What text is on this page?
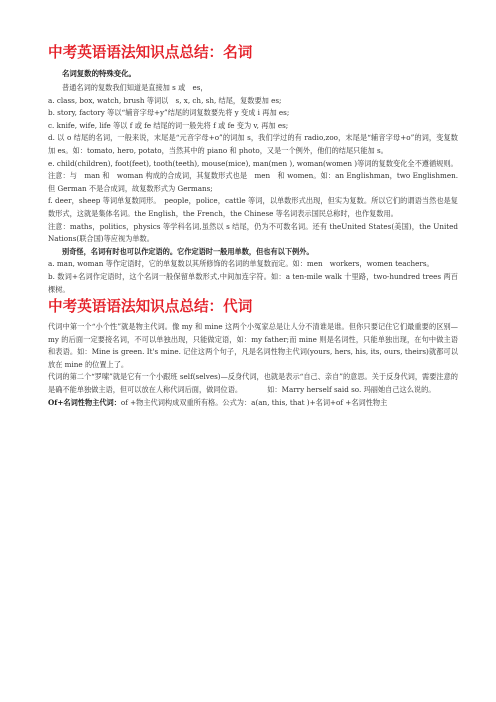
中考英语语法知识点总结：名词
名词复数的特殊变化。

普通名词的复数我们知道是直接加 s 或　es，

a. class, box, watch, brush 等词以　s, x, ch, sh, 结尾，复数要加 es;

b. story, factory 等以“辅音字母+y”结尾的词复数要先将 y 变成 i 再加 es;

c. knife, wife, life 等以 f 或 fe 结尾的词一般先将 f 或 fe 变为 v, 再加 es;

d. 以 o 结尾的名词，一般来说，末尾是“元音字母+o”的词加 s，我们学过的有 radio,zoo，末尾是“辅音字母+o”的词，变复数加 es。如：tomato, hero, potato，当然其中的 piano 和 photo，又是一个例外，他们的结尾只能加 s。

e. child(children), foot(feet), tooth(teeth), mouse(mice), man(men ), woman(women )等词的复数变化全不遵循规则。

注意：与　man 和　woman 构成的合成词，其复数形式也是　men　和 women。如：an Englishman，two Englishmen. 但 German 不是合成词，故复数形式为 Germans;

f. deer，sheep 等词单复数同形。　people，police，cattle 等词，以单数形式出现，但实为复数。所以它们的谓语当然也是复数形式，这就是集体名词。the English，the French，the Chinese 等名词表示国民总称时，也作复数用。

注意：maths，politics，physics 等学科名词,虽然以 s 结尾，仍为不可数名词。还有 theUnited States(美国)，the United Nations(联合国)等应视为单数。

别奇怪，名词有时也可以作定语的。它作定语时一般用单数，但也有以下例外。

a. man, woman 等作定语时，它的单复数以其所修饰的名词的单复数而定。如：men　workers，women teachers。

b. 数词+名词作定语时，这个名词一般保留单数形式,中间加连字符。如：a ten-mile walk 十里路，two-hundred trees 两百棵树。

中考英语语法知识点总结：代词

代词中第一个“小个性”就是物主代词。像 my 和 mine 这两个小冤家总是让人分不清谁是谁。但你只要记住它们最重要的区别—my 的后面一定要接名词，不可以单独出现，只能做定语，如：my father;而 mine 则是名词性，只能单独出现，在句中做主语和表语。如：Mine is green. It's mine. 记住这两个句子，凡是名词性物主代词(yours, hers, his, its, ours, theirs)就都可以放在 mine 的位置上了。

代词的第二个“罗嗦”就是它有一个小跟班 self(selves)—反身代词，也就是表示“自己、亲自”的意思。关于反身代词，需要注意的是确不能单独做主语，但可以放在人称代词后面，做同位语。　　　　如：Marry herself said so. 玛丽她自己这么说的。

Of+名词性物主代词：of +物主代词构成双重所有格。公式为：a(an, this, that )+名词+of +名词性物主
